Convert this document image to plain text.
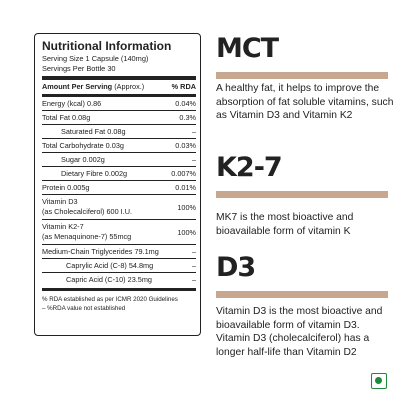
Nutritional Information
Serving Size 1 Capsule (140mg)
Servings Per Bottle 30
Amount Per Serving (Approx.)	% RDA
Energy (kcal) 0.86	0.04%
Total Fat 0.08g	0.3%
Saturated Fat 0.08g	–
Total Carbohydrate 0.03g	0.03%
Sugar 0.002g	–
Dietary Fibre 0.002g	0.007%
Protein 0.005g	0.01%
Vitamin D3
(as Cholecalciferol) 600 I.U.	100%
Vitamin K2-7
(as Menaquinone-7) 55mcg	100%
Medium-Chain Triglycerides 79.1mg	–
Caprylic Acid (C-8) 54.8mg	–
Capric Acid (C-10) 23.5mg	–
% RDA established as per ICMR 2020 Guidelines
– %RDA value not established
MCT
A healthy fat, it helps to improve the absorption of fat soluble vitamins, such as Vitamin D3 and Vitamin K2
K2-7
MK7 is the most bioactive and bioavailable form of vitamin K
D3
Vitamin D3 is the most bioactive and bioavailable form of vitamin D3. Vitamin D3 (cholecalciferol) has a longer half-life than Vitamin D2
